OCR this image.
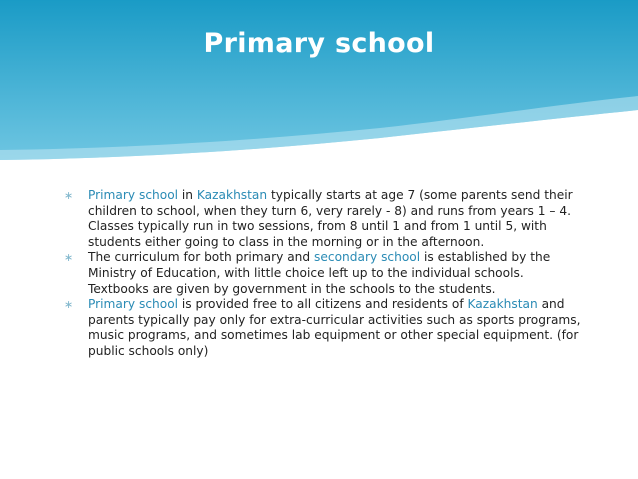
Primary school
∗ Primary school in Kazakhstan typically starts at age 7 (some parents send their children to school, when they turn 6, very rarely - 8) and runs from years 1 – 4. Classes typically run in two sessions, from 8 until 1 and from 1 until 5, with students either going to class in the morning or in the afternoon.
∗ The curriculum for both primary and secondary school is established by the Ministry of Education, with little choice left up to the individual schools. Textbooks are given by government in the schools to the students.
∗ Primary school is provided free to all citizens and residents of Kazakhstan and parents typically pay only for extra-curricular activities such as sports programs, music programs, and sometimes lab equipment or other special equipment. (for public schools only)
